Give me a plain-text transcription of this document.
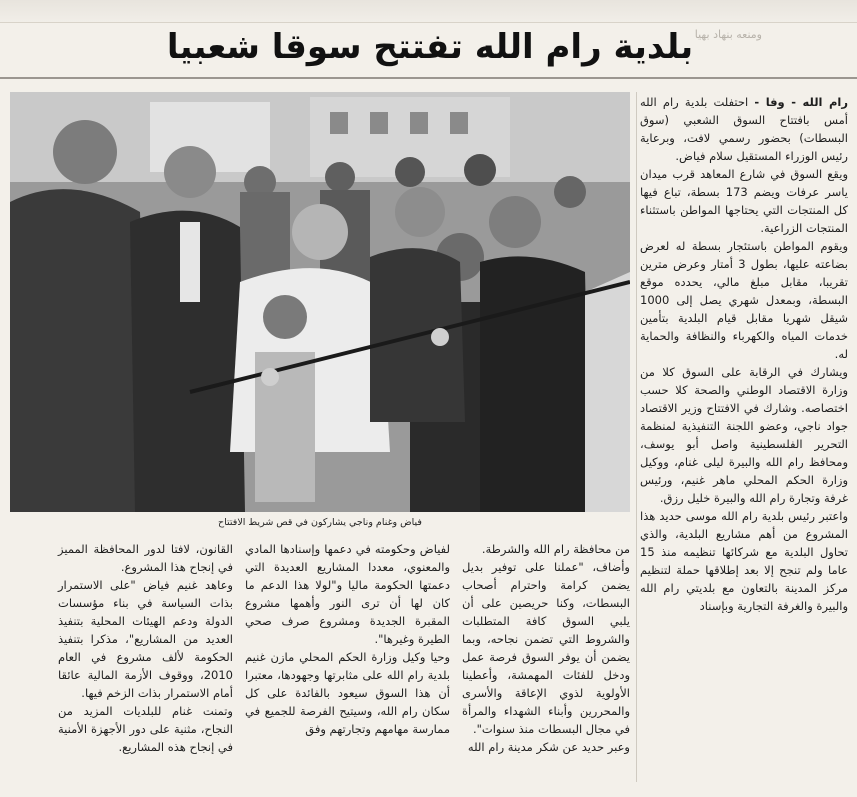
ومنعه بنهاد بهيا
بلدية رام الله تفتتح سوقا شعبيا
فياض وغنام وناجي يشاركون في قص شريط الافتتاح

رام الله - وفا - احتفلت بلدية رام الله أمس بافتتاح السوق الشعبي (سوق البسطات) بحضور رسمي لافت، وبرعاية رئيس الوزراء المستقيل سلام فياض.

ويقع السوق في شارع المعاهد قرب ميدان ياسر عرفات ويضم 173 بسطة، تباع فيها كل المنتجات التي يحتاجها المواطن باستثناء المنتجات الزراعية.

ويقوم المواطن باستئجار بسطة له لعرض بضاعته عليها، بطول 3 أمتار وعرض مترين تقريبا، مقابل مبلغ مالي، يحدده موقع البسطة، وبمعدل شهري يصل إلى 1000 شيقل شهريا مقابل قيام البلدية بتأمين خدمات المياه والكهرباء والنظافة والحماية له.

ويشارك في الرقابة على السوق كلا من وزارة الاقتصاد الوطني والصحة كلا حسب اختصاصه. وشارك في الافتتاح وزير الاقتصاد جواد ناجي، وعضو اللجنة التنفيذية لمنظمة التحرير الفلسطينية واصل أبو يوسف، ومحافظ رام الله والبيرة ليلى غنام، ووكيل وزارة الحكم المحلي ماهر غنيم، ورئيس غرفة وتجارة رام الله والبيرة خليل رزق.

واعتبر رئيس بلدية رام الله موسى حديد هذا المشروع من أهم مشاريع البلدية، والذي تحاول البلدية مع شركائها تنظيمه منذ 15 عاما ولم تنجح إلا بعد إطلاقها حملة لتنظيم مركز المدينة بالتعاون مع بلديتي رام الله والبيرة والغرفة التجارية وبإسناد

من محافظة رام الله والشرطة.

وأضاف، "عملنا على توفير بديل يضمن كرامة واحترام أصحاب البسطات، وكنا حريصين على أن يلبي السوق كافة المتطلبات والشروط التي تضمن نجاحه، وبما يضمن أن يوفر السوق فرصة عمل ودخل للفئات المهمشة، وأعطينا الأولوية لذوي الإعاقة والأسرى والمحررين وأبناء الشهداء والمرأة في مجال البسطات منذ سنوات".

وعبر حديد عن شكر مدينة رام الله

لفياض وحكومته في دعمها وإسنادها المادي والمعنوي، معددا المشاريع العديدة التي دعمتها الحكومة ماليا و"لولا هذا الدعم ما كان لها أن ترى النور وأهمها مشروع المقبرة الجديدة ومشروع صرف صحي الطيرة وغيرها".

وحيا وكيل وزارة الحكم المحلي مازن غنيم بلدية رام الله على مثابرتها وجهودها، معتبرا أن هذا السوق سيعود بالفائدة على كل سكان رام الله، وسيتيح الفرصة للجميع في ممارسة مهامهم وتجارتهم وفق

القانون، لافتا لدور المحافظة المميز في إنجاح هذا المشروع.

وعاهد غنيم فياض "على الاستمرار بذات السياسة في بناء مؤسسات الدولة ودعم الهيئات المحلية بتنفيذ العديد من المشاريع"، مذكرا بتنفيذ الحكومة لألف مشروع في العام 2010، ووقوف الأزمة المالية عائقا أمام الاستمرار بذات الزخم فيها.

وتمنت غنام للبلديات المزيد من النجاح، مثنية على دور الأجهزة الأمنية في إنجاح هذه المشاريع.
